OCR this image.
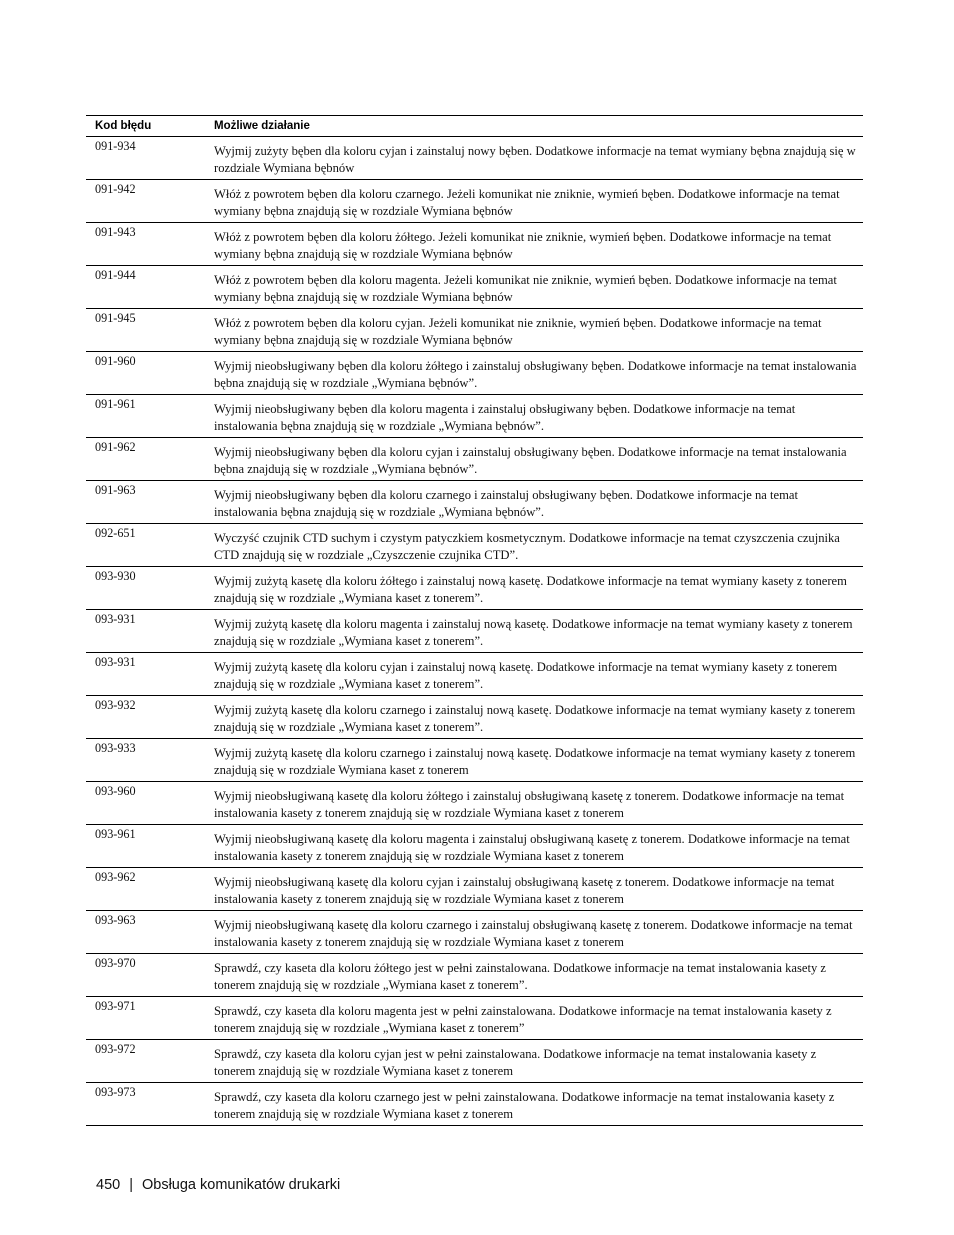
Kod błędu	Możliwe działanie
091-934	Wyjmij zużyty bęben dla koloru cyjan i zainstaluj nowy bęben. Dodatkowe informacje na temat wymiany bębna znajdują się w rozdziale Wymiana bębnów
091-942	Włóż z powrotem bęben dla koloru czarnego. Jeżeli komunikat nie zniknie, wymień bęben. Dodatkowe informacje na temat wymiany bębna znajdują się w rozdziale Wymiana bębnów
091-943	Włóż z powrotem bęben dla koloru żółtego. Jeżeli komunikat nie zniknie, wymień bęben. Dodatkowe informacje na temat wymiany bębna znajdują się w rozdziale Wymiana bębnów
091-944	Włóż z powrotem bęben dla koloru magenta. Jeżeli komunikat nie zniknie, wymień bęben. Dodatkowe informacje na temat wymiany bębna znajdują się w rozdziale Wymiana bębnów
091-945	Włóż z powrotem bęben dla koloru cyjan. Jeżeli komunikat nie zniknie, wymień bęben. Dodatkowe informacje na temat wymiany bębna znajdują się w rozdziale Wymiana bębnów
091-960	Wyjmij nieobsługiwany bęben dla koloru żółtego i zainstaluj obsługiwany bęben. Dodatkowe informacje na temat instalowania bębna znajdują się w rozdziale „Wymiana bębnów”.
091-961	Wyjmij nieobsługiwany bęben dla koloru magenta i zainstaluj obsługiwany bęben. Dodatkowe informacje na temat instalowania bębna znajdują się w rozdziale „Wymiana bębnów”.
091-962	Wyjmij nieobsługiwany bęben dla koloru cyjan i zainstaluj obsługiwany bęben. Dodatkowe informacje na temat instalowania bębna znajdują się w rozdziale „Wymiana bębnów”.
091-963	Wyjmij nieobsługiwany bęben dla koloru czarnego i zainstaluj obsługiwany bęben. Dodatkowe informacje na temat instalowania bębna znajdują się w rozdziale „Wymiana bębnów”.
092-651	Wyczyść czujnik CTD suchym i czystym patyczkiem kosmetycznym. Dodatkowe informacje na temat czyszczenia czujnika CTD znajdują się w rozdziale „Czyszczenie czujnika CTD”.
093-930	Wyjmij zużytą kasetę dla koloru żółtego i zainstaluj nową kasetę. Dodatkowe informacje na temat wymiany kasety z tonerem znajdują się w rozdziale „Wymiana kaset z tonerem”.
093-931	Wyjmij zużytą kasetę dla koloru magenta i zainstaluj nową kasetę. Dodatkowe informacje na temat wymiany kasety z tonerem znajdują się w rozdziale „Wymiana kaset z tonerem”.
093-931	Wyjmij zużytą kasetę dla koloru cyjan i zainstaluj nową kasetę. Dodatkowe informacje na temat wymiany kasety z tonerem znajdują się w rozdziale „Wymiana kaset z tonerem”.
093-932	Wyjmij zużytą kasetę dla koloru czarnego i zainstaluj nową kasetę. Dodatkowe informacje na temat wymiany kasety z tonerem znajdują się w rozdziale „Wymiana kaset z tonerem”.
093-933	Wyjmij zużytą kasetę dla koloru czarnego i zainstaluj nową kasetę. Dodatkowe informacje na temat wymiany kasety z tonerem znajdują się w rozdziale Wymiana kaset z tonerem
093-960	Wyjmij nieobsługiwaną kasetę dla koloru żółtego i zainstaluj obsługiwaną kasetę z tonerem. Dodatkowe informacje na temat instalowania kasety z tonerem znajdują się w rozdziale Wymiana kaset z tonerem
093-961	Wyjmij nieobsługiwaną kasetę dla koloru magenta i zainstaluj obsługiwaną kasetę z tonerem. Dodatkowe informacje na temat instalowania kasety z tonerem znajdują się w rozdziale Wymiana kaset z tonerem
093-962	Wyjmij nieobsługiwaną kasetę dla koloru cyjan i zainstaluj obsługiwaną kasetę z tonerem. Dodatkowe informacje na temat instalowania kasety z tonerem znajdują się w rozdziale Wymiana kaset z tonerem
093-963	Wyjmij nieobsługiwaną kasetę dla koloru czarnego i zainstaluj obsługiwaną kasetę z tonerem. Dodatkowe informacje na temat instalowania kasety z tonerem znajdują się w rozdziale Wymiana kaset z tonerem
093-970	Sprawdź, czy kaseta dla koloru żółtego jest w pełni zainstalowana. Dodatkowe informacje na temat instalowania kasety z tonerem znajdują się w rozdziale „Wymiana kaset z tonerem”.
093-971	Sprawdź, czy kaseta dla koloru magenta jest w pełni zainstalowana. Dodatkowe informacje na temat instalowania kasety z tonerem znajdują się w rozdziale „Wymiana kaset z tonerem”
093-972	Sprawdź, czy kaseta dla koloru cyjan jest w pełni zainstalowana. Dodatkowe informacje na temat instalowania kasety z tonerem znajdują się w rozdziale Wymiana kaset z tonerem
093-973	Sprawdź, czy kaseta dla koloru czarnego jest w pełni zainstalowana. Dodatkowe informacje na temat instalowania kasety z tonerem znajdują się w rozdziale Wymiana kaset z tonerem
450 | Obsługa komunikatów drukarki
